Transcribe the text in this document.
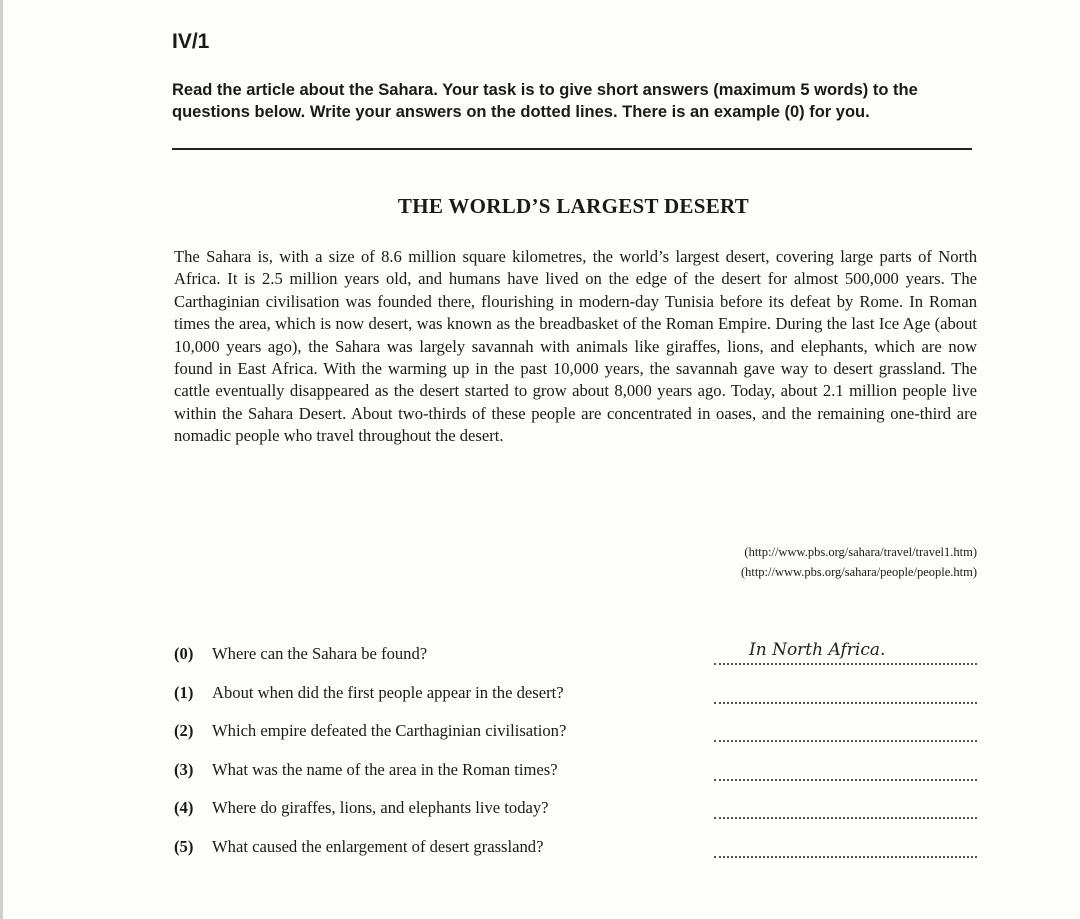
IV/1
Read the article about the Sahara. Your task is to give short answers (maximum 5 words) to the questions below. Write your answers on the dotted lines. There is an example (0) for you.
THE WORLD’S LARGEST DESERT
The Sahara is, with a size of 8.6 million square kilometres, the world’s largest desert, covering large parts of North Africa. It is 2.5 million years old, and humans have lived on the edge of the desert for almost 500,000 years. The Carthaginian civilisation was founded there, flourishing in modern-day Tunisia before its defeat by Rome. In Roman times the area, which is now desert, was known as the breadbasket of the Roman Empire. During the last Ice Age (about 10,000 years ago), the Sahara was largely savannah with animals like giraffes, lions, and elephants, which are now found in East Africa. With the warming up in the past 10,000 years, the savannah gave way to desert grassland. The cattle eventually disappeared as the desert started to grow about 8,000 years ago. Today, about 2.1 million people live within the Sahara Desert. About two-thirds of these people are concentrated in oases, and the remaining one-third are nomadic people who travel throughout the desert.
(http://www.pbs.org/sahara/travel/travel1.htm)
(http://www.pbs.org/sahara/people/people.htm)
(0) Where can the Sahara be found?	In North Africa.
(1) About when did the first people appear in the desert?
(2) Which empire defeated the Carthaginian civilisation?
(3) What was the name of the area in the Roman times?
(4) Where do giraffes, lions, and elephants live today?
(5) What caused the enlargement of desert grassland?
